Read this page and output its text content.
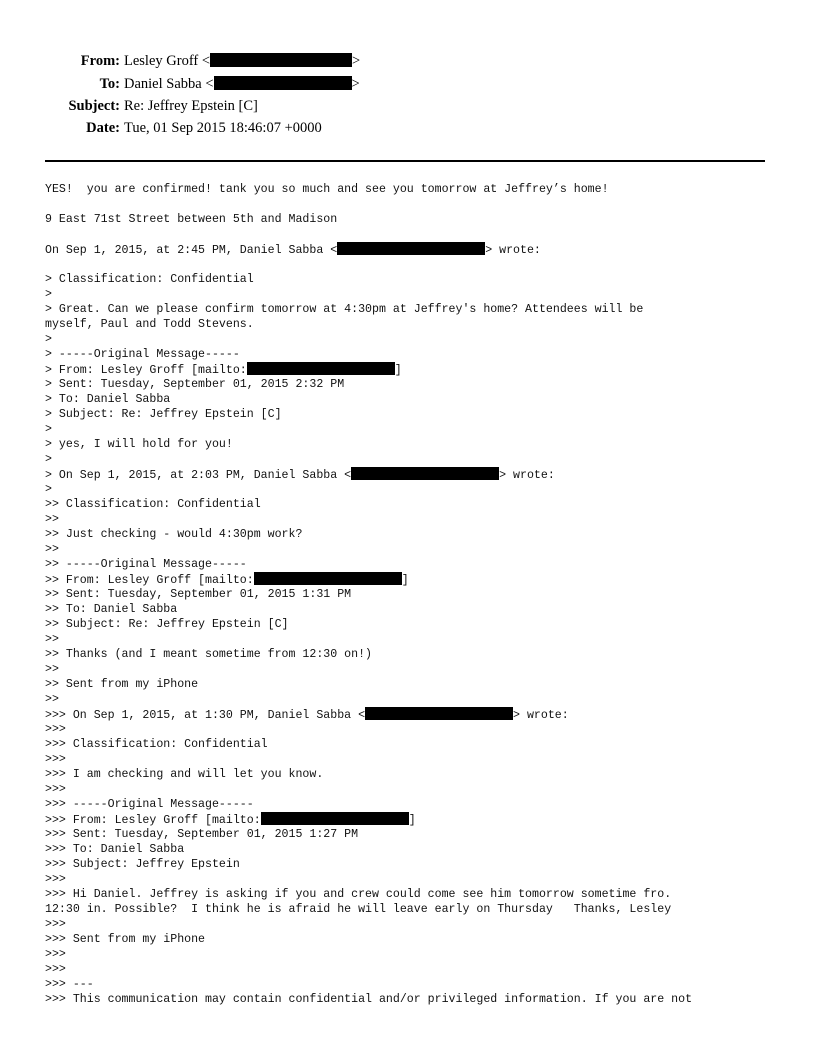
From: Lesley Groff <	>
To: Daniel Sabba <	>
Subject: Re: Jeffrey Epstein [C]
Date: Tue, 01 Sep 2015 18:46:07 +0000
YES!  you are confirmed! tank you so much and see you tomorrow at Jeffrey’s home!
9 East 71st Street between 5th and Madison
On Sep 1, 2015, at 2:45 PM, Daniel Sabba <	> wrote:
> Classification: Confidential
>
> Great. Can we please confirm tomorrow at 4:30pm at Jeffrey's home? Attendees will be
myself, Paul and Todd Stevens.
>
> -----Original Message-----
> From: Lesley Groff [mailto:	]
> Sent: Tuesday, September 01, 2015 2:32 PM
> To: Daniel Sabba
> Subject: Re: Jeffrey Epstein [C]
>
> yes, I will hold for you!
>
> On Sep 1, 2015, at 2:03 PM, Daniel Sabba <	> wrote:
>
>> Classification: Confidential
>>
>> Just checking - would 4:30pm work?
>>
>> -----Original Message-----
>> From: Lesley Groff [mailto:	]
>> Sent: Tuesday, September 01, 2015 1:31 PM
>> To: Daniel Sabba
>> Subject: Re: Jeffrey Epstein [C]
>>
>> Thanks (and I meant sometime from 12:30 on!)
>>
>> Sent from my iPhone
>>
>>> On Sep 1, 2015, at 1:30 PM, Daniel Sabba <	> wrote:
>>>
>>> Classification: Confidential
>>>
>>> I am checking and will let you know.
>>>
>>> -----Original Message-----
>>> From: Lesley Groff [mailto:	]
>>> Sent: Tuesday, September 01, 2015 1:27 PM
>>> To: Daniel Sabba
>>> Subject: Jeffrey Epstein
>>>
>>> Hi Daniel. Jeffrey is asking if you and crew could come see him tomorrow sometime fro.
12:30 in. Possible?  I think he is afraid he will leave early on Thursday   Thanks, Lesley
>>>
>>> Sent from my iPhone
>>>
>>>
>>> ---
>>> This communication may contain confidential and/or privileged information. If you are not
